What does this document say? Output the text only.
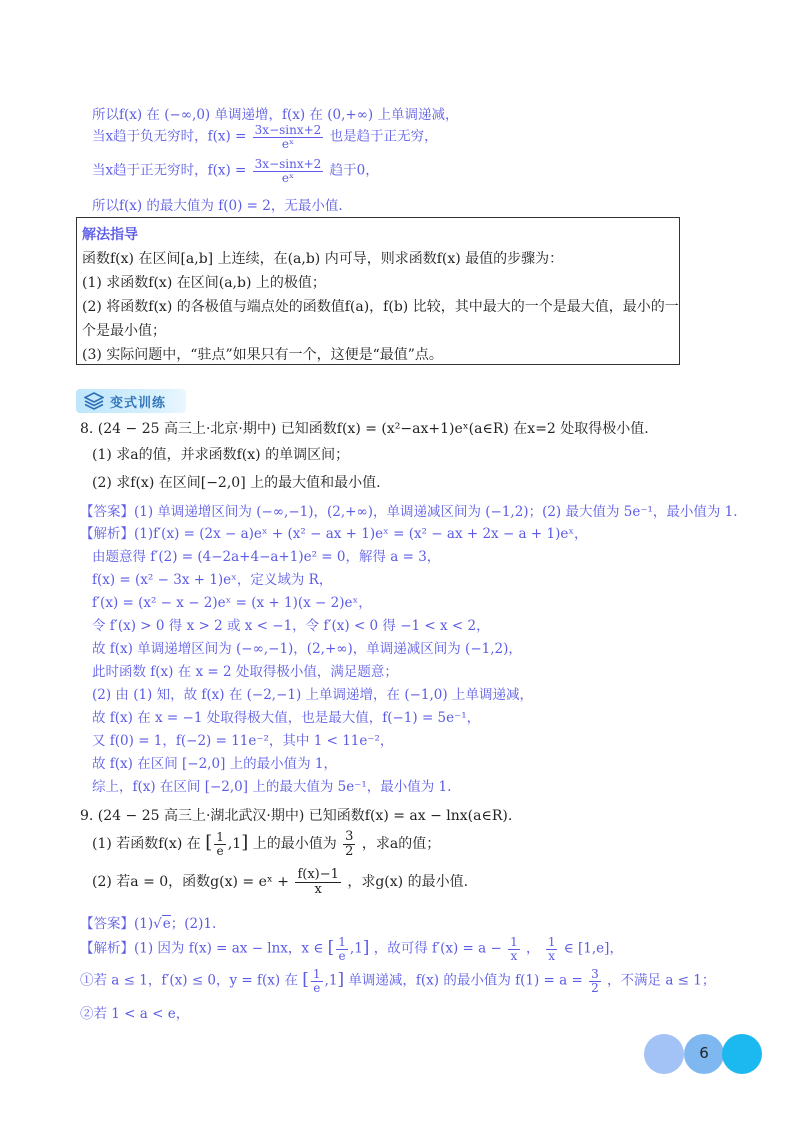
所以f(x) 在 (−∞,0) 单调递增，f(x) 在 (0,+∞) 上单调递减，
当x趋于负无穷时，$f(x) = \frac{3x-\sin x+2}{\text{eˣ}}$ 也是趋于正无穷，
当x趋于正无穷时，$f(x) = \frac{3x-\sin x+2}{\text{eˣ}}$ 趋于0，
所以f(x) 的最大值为 f(0) = 2，无最小值.
解法指导
函数f(x) 在区间[a,b] 上连续，在(a,b) 内可导，则求函数f(x) 最值的步骤为：
(1) 求函数f(x) 在区间(a,b) 上的极值；
(2) 将函数f(x) 的各极值与端点处的函数值f(a)，f(b) 比较，其中最大的一个是最大值，最小的一
个是最小值；
(3) 实际问题中，“驻点”如果只有一个，这便是“最值”点。
变式训练
8. (24 − 25 高三上·北京·期中) 已知函数f(x) = (x²−ax+1)eˣ(a∈R) 在x=2 处取得极小值.
(1) 求a的值，并求函数f(x) 的单调区间；
(2) 求f(x) 在区间[−2,0] 上的最大值和最小值.
【答案】(1) 单调递增区间为 (−∞,−1)，(2,+∞)，单调递减区间为 (−1,2)；(2) 最大值为 5e⁻¹，最小值为 1.
【解析】(1)f′(x) = (2x − a)eˣ + (x² − ax + 1)eˣ = (x² − ax + 2x − a + 1)eˣ，
由题意得 f′(2) = (4−2a+4−a+1)e² = 0，解得 a = 3，
f(x) = (x² − 3x + 1)eˣ，定义域为 R，
f′(x) = (x² − x − 2)eˣ = (x + 1)(x − 2)eˣ，
令 f′(x) > 0 得 x > 2 或 x < −1，令 f′(x) < 0 得 −1 < x < 2，
故 f(x) 单调递增区间为 (−∞,−1)，(2,+∞)，单调递减区间为 (−1,2)，
此时函数 f(x) 在 x = 2 处取得极小值，满足题意；
(2) 由 (1) 知，故 f(x) 在 (−2,−1) 上单调递增，在 (−1,0) 上单调递减，
故 f(x) 在 x = −1 处取得极大值，也是最大值，f(−1) = 5e⁻¹，
又 f(0) = 1，f(−2) = 11e⁻²，其中 1 < 11e⁻²，
故 f(x) 在区间 [−2,0] 上的最小值为 1，
综上，f(x) 在区间 [−2,0] 上的最大值为 5e⁻¹，最小值为 1.
9. (24 − 25 高三上·湖北武汉·期中) 已知函数f(x) = ax − lnx(a∈R).
(1) 若函数f(x) 在 [ $\frac{1}{e} ,1$] 上的最小值为 $\frac{3}{2}$ ，求a的值；
(2) 若a = 0，函数g(x) = eˣ + $\frac{f(x)-1}{x}$ ，求g(x) 的最小值.
【答案】(1)√e；(2)1.
【解析】(1) 因为 f(x) = ax − lnx，x ∈ [ $\frac{1}{e} ,1$] ，故可得 $f'(x) = a - \frac{1}{x}$ ， $\frac{1}{x}$ ∈ [1,e]，
①若 a ≤ 1，f′(x) ≤ 0，y = f(x) 在 [ $\frac{1}{e} ,1$] 单调递减，f(x) 的最小值为 $f(1) = a = \frac{3}{2}$ ，不满足 a ≤ 1；
②若 1 < a < e，
6
